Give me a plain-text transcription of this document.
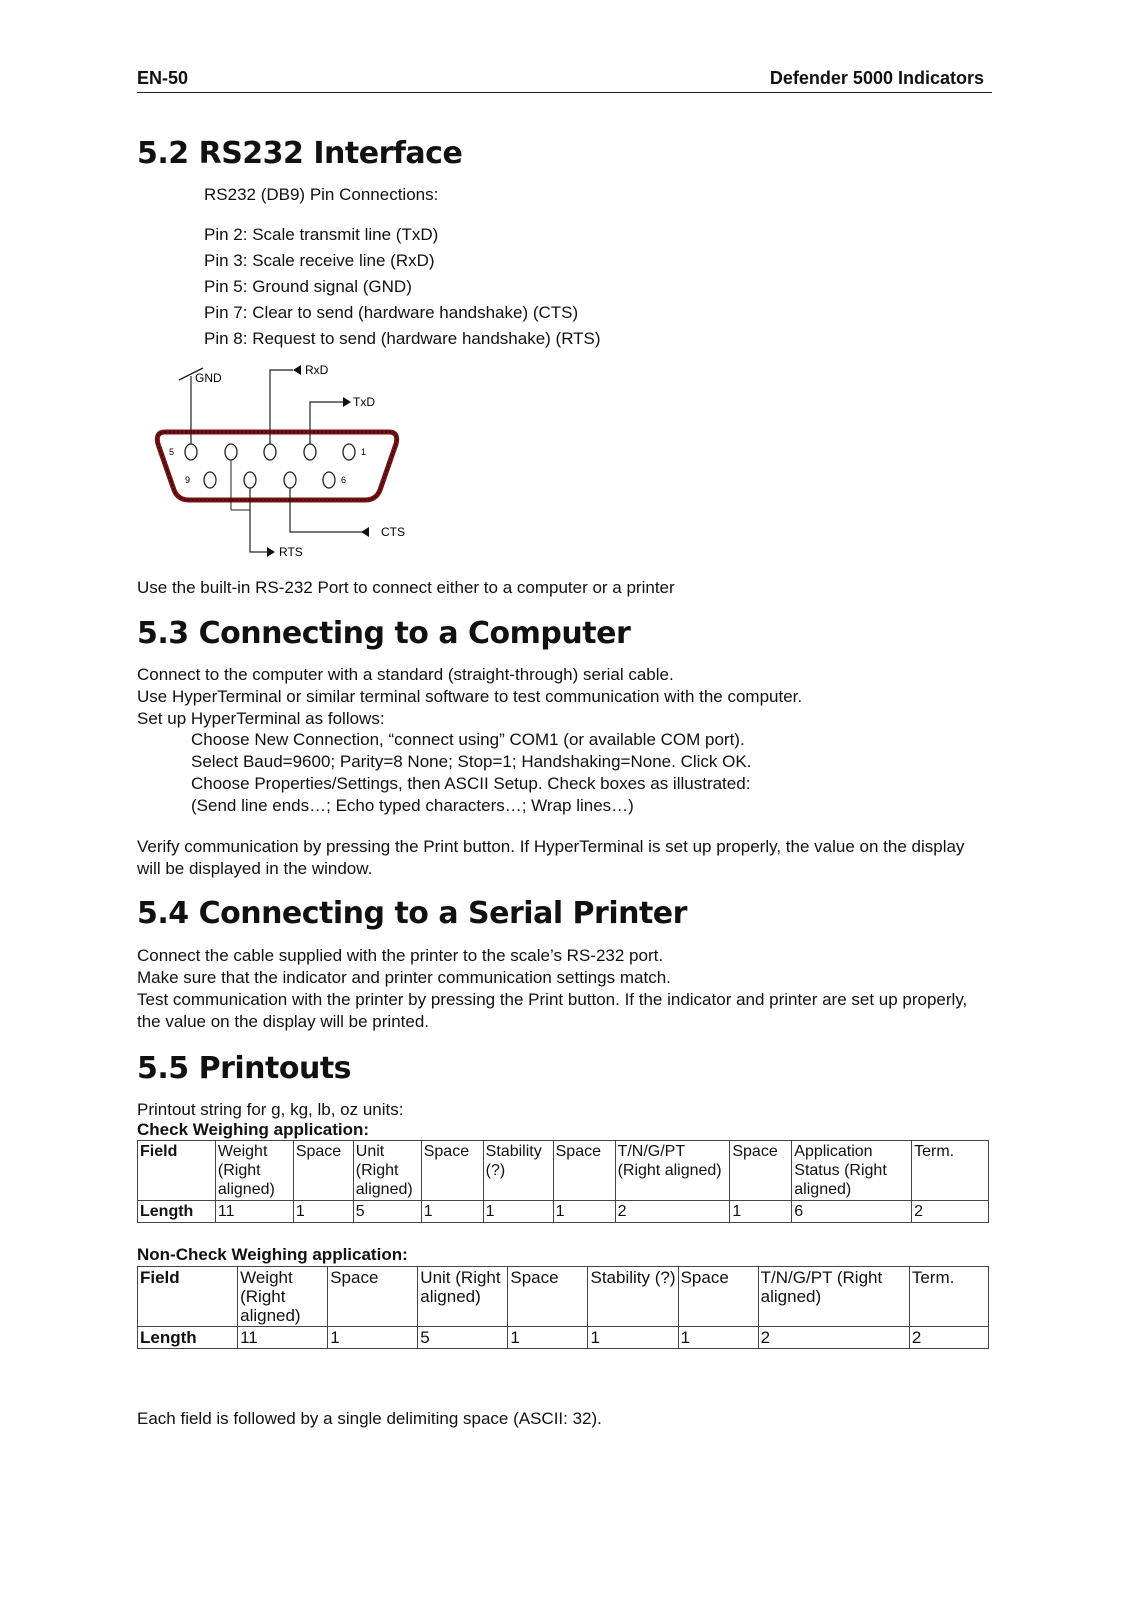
EN-50	Defender 5000 Indicators
5.2 RS232 Interface
RS232 (DB9) Pin Connections:
Pin 2: Scale transmit line (TxD)
Pin 3: Scale receive line (RxD)
Pin 5: Ground signal (GND)
Pin 7: Clear to send (hardware handshake) (CTS)
Pin 8: Request to send (hardware handshake) (RTS)
5	1
9	6
GND
RxD
TxD
CTS
RTS
Use the built-in RS-232 Port to connect either to a computer or a printer
5.3 Connecting to a Computer
Connect to the computer with a standard (straight-through) serial cable.
Use HyperTerminal or similar terminal software to test communication with the computer.
Set up HyperTerminal as follows:
Choose New Connection, “connect using” COM1 (or available COM port).
Select Baud=9600; Parity=8 None; Stop=1; Handshaking=None. Click OK.
Choose Properties/Settings, then ASCII Setup. Check boxes as illustrated:
(Send line ends…; Echo typed characters…; Wrap lines…)
Verify communication by pressing the Print button. If HyperTerminal is set up properly, the value on the display will be displayed in the window.
5.4 Connecting to a Serial Printer
Connect the cable supplied with the printer to the scale’s RS-232 port.
Make sure that the indicator and printer communication settings match.
Test communication with the printer by pressing the Print button. If the indicator and printer are set up properly, the value on the display will be printed.
5.5 Printouts
Printout string for g, kg, lb, oz units:
Check Weighing application:
Field	Weight (Right aligned)	Space	Unit (Right aligned)	Space	Stability (?)	Space	T/N/G/PT (Right aligned)	Space	Application Status (Right aligned)	Term.
Length	11	1	5	1	1	1	2	1	6	2
Non-Check Weighing application:
Field	Weight (Right aligned)	Space	Unit (Right aligned)	Space	Stability (?)	Space	T/N/G/PT (Right aligned)	Term.
Length	11	1	5	1	1	1	2	2
Each field is followed by a single delimiting space (ASCII: 32).
